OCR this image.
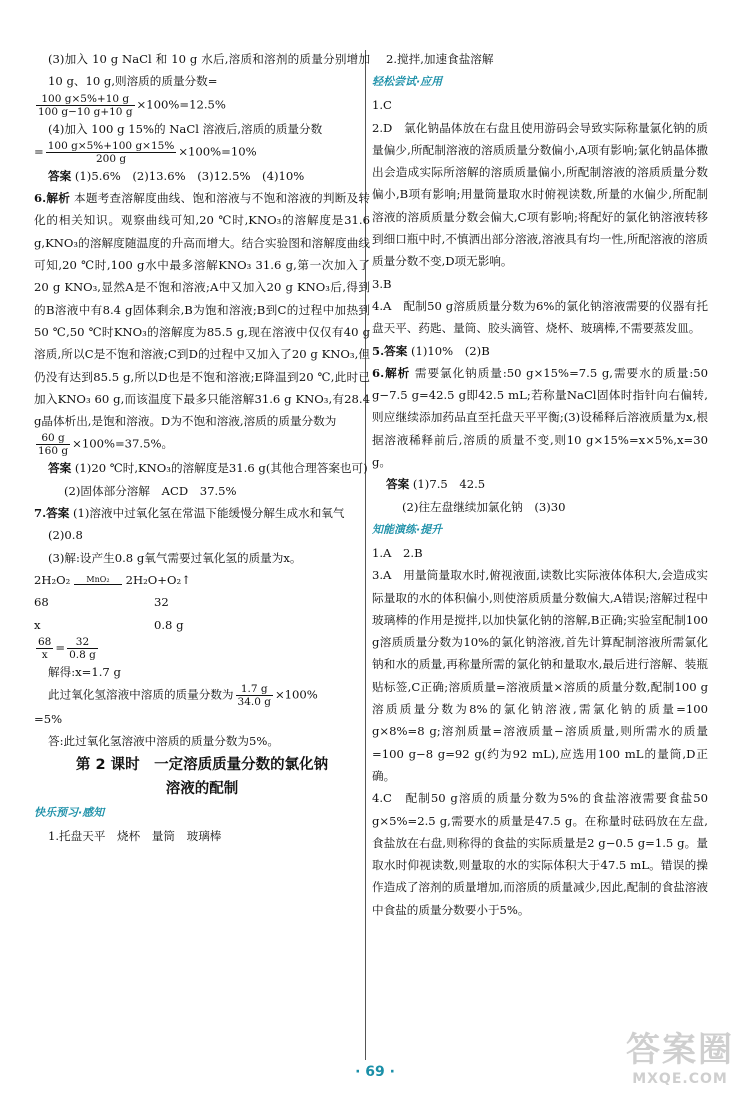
(3)加入 10 g NaCl 和 10 g 水后,溶质和溶剂的质量分别增加 10 g、10 g,则溶质的质量分数=

$\frac{100 g\times 5\%+10 g}{100 g-10 g+10 g} \times 100\%=12.5\%$

(4)加入 100 g 15%的 NaCl 溶液后,溶质的质量分数

= $\frac{100 g\times 5\%+100 g\times 15\%}{200 g} \times 100\%=10\%$

答案 (1)5.6%　(2)13.6%　(3)12.5%　(4)10%

6.解析 本题考查溶解度曲线、饱和溶液与不饱和溶液的判断及转化的相关知识。观察曲线可知,20 ℃时,KNO₃的溶解度是31.6 g,KNO₃的溶解度随温度的升高而增大。结合实验图和溶解度曲线可知,20 ℃时,100 g水中最多溶解KNO₃ 31.6 g,第一次加入了20 g KNO₃,显然A是不饱和溶液;A中又加入20 g KNO₃后,得到的B溶液中有8.4 g固体剩余,B为饱和溶液;B到C的过程中加热到50 ℃,50 ℃时KNO₃的溶解度为85.5 g,现在溶液中仅仅有40 g溶质,所以C是不饱和溶液;C到D的过程中又加入了20 g KNO₃,但仍没有达到85.5 g,所以D也是不饱和溶液;E降温到20 ℃,此时已加入KNO₃ 60 g,而该温度下最多只能溶解31.6 g KNO₃,有28.4 g晶体析出,是饱和溶液。D为不饱和溶液,溶质的质量分数为

$\frac{60 g}{160 g} \times 100\%=37.5\%$。

答案 (1)20 ℃时,KNO₃的溶解度是31.6 g(其他合理答案也可)

(2)固体部分溶解　ACD　37.5%

7.答案 (1)溶液中过氧化氢在常温下能缓慢分解生成水和氧气

(2)0.8

(3)解:设产生0.8 g氧气需要过氧化氢的质量为x。

2H₂O₂	MnO₂	2H₂O+O₂↑

68	32

x	0.8 g

$\frac{68}{x} = \frac{32}{0.8 g}$

解得:x=1.7 g

此过氧化氢溶液中溶质的质量分数为 $\frac{1.7 g}{34.0 g} \times 100\%$

=5%

答:此过氧化氢溶液中溶质的质量分数为5%。

第 2 课时　一定溶质质量分数的氯化钠
溶液的配制
快乐预习·感知

1.托盘天平　烧杯　量筒　玻璃棒

2.搅拌,加速食盐溶解

轻松尝试·应用

1.C

2.D　氯化钠晶体放在右盘且使用游码会导致实际称量氯化钠的质量偏少,所配制溶液的溶质质量分数偏小,A项有影响;氯化钠晶体撒出会造成实际所溶解的溶质质量偏小,所配制溶液的溶质质量分数偏小,B项有影响;用量筒量取水时俯视读数,所量的水偏少,所配制溶液的溶质质量分数会偏大,C项有影响;将配好的氯化钠溶液转移到细口瓶中时,不慎洒出部分溶液,溶液具有均一性,所配溶液的溶质质量分数不变,D项无影响。

3.B

4.A　配制50 g溶质质量分数为6%的氯化钠溶液需要的仪器有托盘天平、药匙、量筒、胶头滴管、烧杯、玻璃棒,不需要蒸发皿。

5.答案 (1)10%　(2)B

6.解析 需要氯化钠质量:50 g×15%=7.5 g,需要水的质量:50 g−7.5 g=42.5 g即42.5 mL;若称量NaCl固体时指针向右偏转,则应继续添加药品直至托盘天平平衡;(3)设稀释后溶液质量为x,根据溶液稀释前后,溶质的质量不变,则10 g×15%=x×5%,x=30 g。

答案 (1)7.5　42.5

(2)往左盘继续加氯化钠　(3)30

知能演练·提升

1.A　2.B

3.A　用量筒量取水时,俯视液面,读数比实际液体体积大,会造成实际量取的水的体积偏小,则使溶质质量分数偏大,A错误;溶解过程中玻璃棒的作用是搅拌,以加快氯化钠的溶解,B正确;实验室配制100 g溶质质量分数为10%的氯化钠溶液,首先计算配制溶液所需氯化钠和水的质量,再称量所需的氯化钠和量取水,最后进行溶解、装瓶贴标签,C正确;溶质质量=溶液质量×溶质的质量分数,配制100 g溶质质量分数为8%的氯化钠溶液,需氯化钠的质量=100 g×8%=8 g;溶剂质量=溶液质量−溶质质量,则所需水的质量=100 g−8 g=92 g(约为92 mL),应选用100 mL的量筒,D正确。

4.C　配制50 g溶质的质量分数为5%的食盐溶液需要食盐50 g×5%=2.5 g,需要水的质量是47.5 g。在称量时砝码放在左盘,食盐放在右盘,则称得的食盐的实际质量是2 g−0.5 g=1.5 g。量取水时仰视读数,则量取的水的实际体积大于47.5 mL。错误的操作造成了溶剂的质量增加,而溶质的质量减少,因此,配制的食盐溶液中食盐的质量分数要小于5%。

· 69 ·
答案圈
MXQE.COM
